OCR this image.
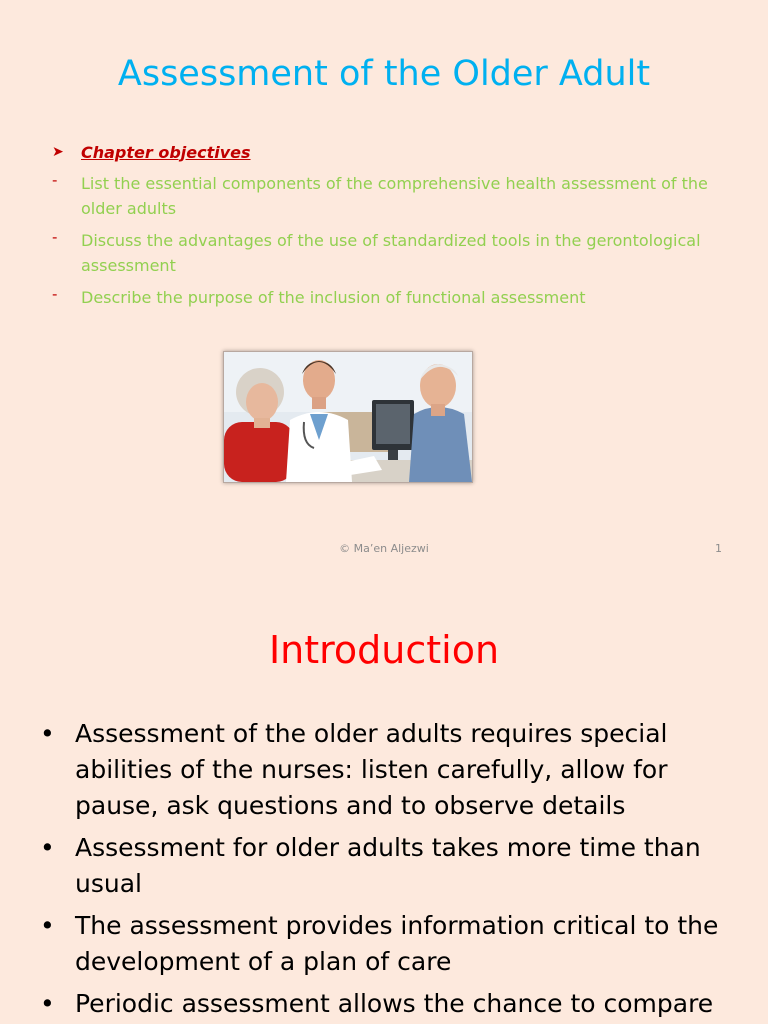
Assessment of the Older Adult
➤	Chapter objectives
-	List the essential components of the comprehensive health assessment of the older adults
-	Discuss the advantages of the use of standardized tools in the gerontological assessment
-	Describe the purpose of the inclusion of functional assessment
© Ma’en Aljezwi	1
Introduction
• Assessment of the older adults requires special abilities of the nurses: listen carefully, allow for pause, ask questions and to observe details
• Assessment for older adults takes more time than usual
• The assessment provides information critical to the development of a plan of care
• Periodic assessment allows the chance to compare
